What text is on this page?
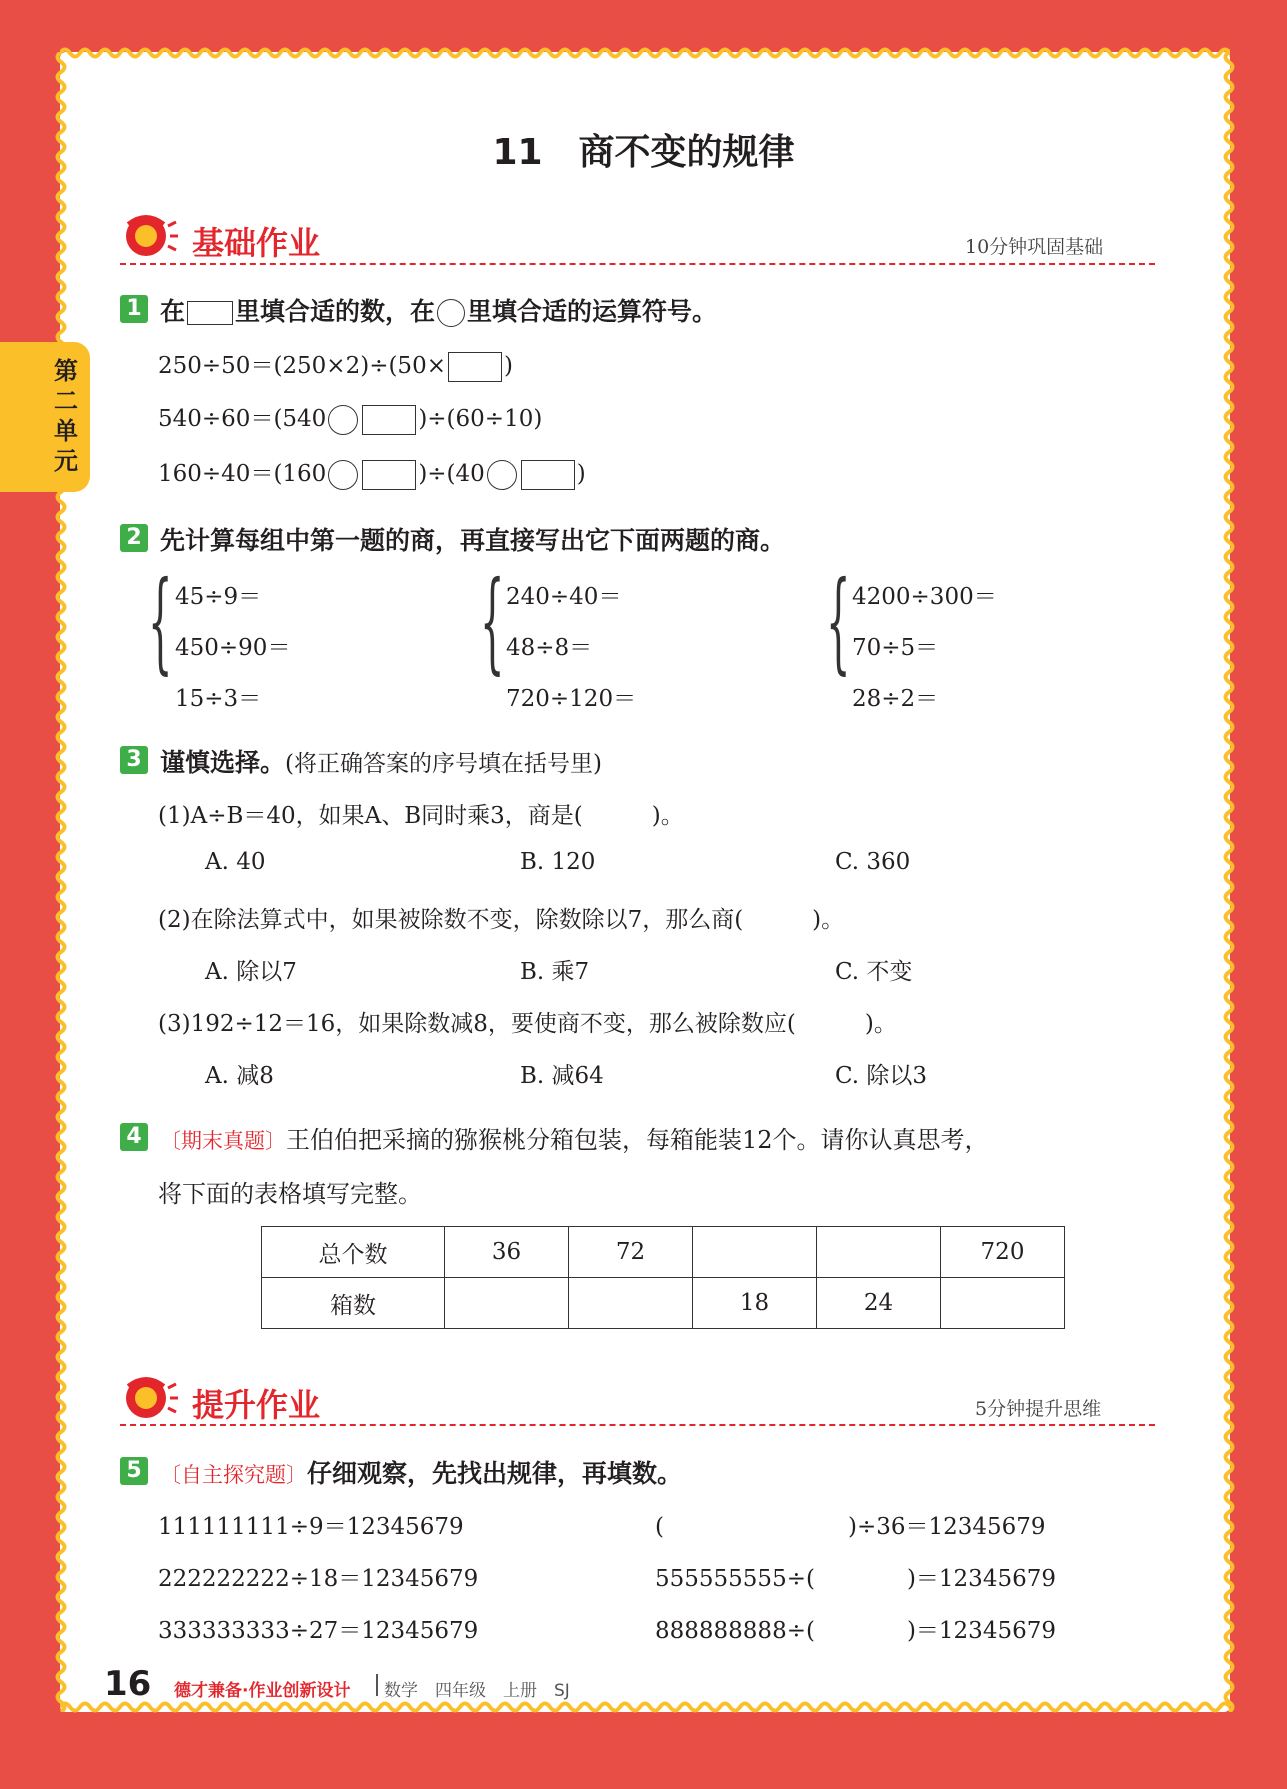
第二单元
11　商不变的规律
基础作业	10分钟巩固基础
1 在 里填合适的数，在 里填合适的运算符号。
250÷50＝(250×2)÷(50×	)
540÷60＝(540	)÷(60÷10)
160÷40＝(160	)÷(40	)
2 先计算每组中第一题的商，再直接写出它下面两题的商。
{ 45÷9＝
450÷90＝
15÷3＝
{ 240÷40＝
48÷8＝
720÷120＝
{ 4200÷300＝
70÷5＝
28÷2＝
3 谨慎选择。(将正确答案的序号填在括号里)
(1)A÷B＝40，如果A、B同时乘3，商是(　　　)。
A. 40	B. 120	C. 360
(2)在除法算式中，如果被除数不变，除数除以7，那么商(　　　)。
A. 除以7	B. 乘7	C. 不变
(3)192÷12＝16，如果除数减8，要使商不变，那么被除数应(　　　)。
A. 减8	B. 减64	C. 除以3
4 〔期末真题〕王伯伯把采摘的猕猴桃分箱包装，每箱能装12个。请你认真思考，
将下面的表格填写完整。
总个数	36	72			720
箱数			18	24	
提升作业	5分钟提升思维
5 〔自主探究题〕仔细观察，先找出规律，再填数。
111111111÷9＝12345679
222222222÷18＝12345679
333333333÷27＝12345679
(　　　　　　　　)÷36＝12345679
555555555÷(　　　　)＝12345679
888888888÷(　　　　)＝12345679
16 德才兼备·作业创新设计 数学　四年级　上册　SJ
